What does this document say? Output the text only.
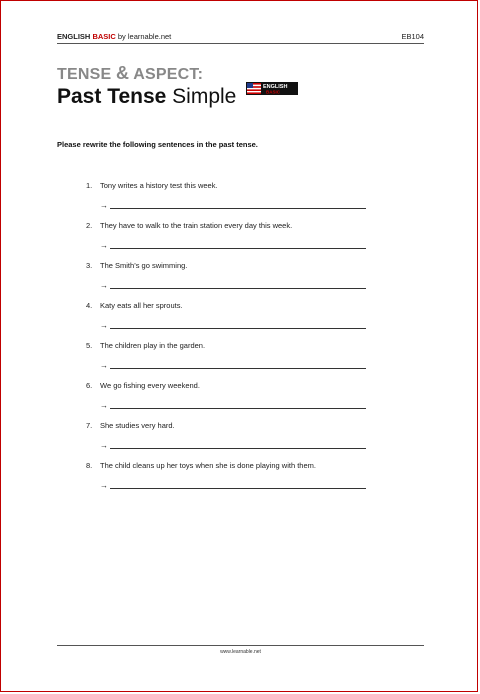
ENGLISH BASIC by learnable.net	EB104
TENSE & ASPECT:
Past Tense Simple	ENGLISH
BASIC
Please rewrite the following sentences in the past tense.
1. Tony writes a history test this week.
→
2. They have to walk to the train station every day this week.
→
3. The Smith’s go swimming.
→
4. Katy eats all her sprouts.
→
5. The children play in the garden.
→
6. We go fishing every weekend.
→
7. She studies very hard.
→
8. The child cleans up her toys when she is done playing with them.
→
www.learnable.net
